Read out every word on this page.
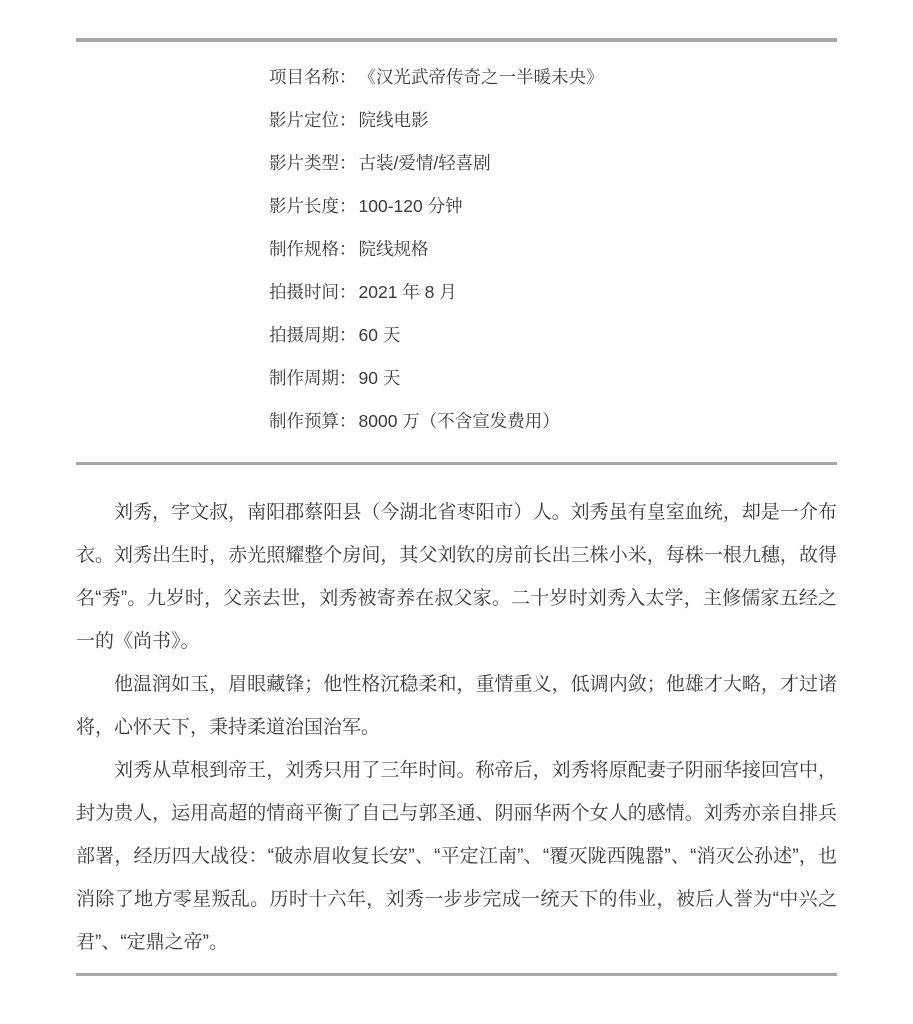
项目名称 ： 《汉光武帝传奇之一半暖未央》
影片定位 ： 院线电影
影片类型 ： 古装/爱情/轻喜剧
影片长度 ： 100-120 分钟
制作规格 ： 院线规格
拍摄时间 ： 2021 年 8 月
拍摄周期 ： 60 天
制作周期 ： 90 天
制作预算 ： 8000 万（不含宣发费用）

刘秀，字文叔，南阳郡蔡阳县（今湖北省枣阳市）人。刘秀虽有皇室血统，却是一介布衣。刘秀出生时，赤光照耀整个房间，其父刘钦的房前长出三株小米，每株一根九穗，故得名“秀”。九岁时，父亲去世，刘秀被寄养在叔父家。二十岁时刘秀入太学，主修儒家五经之一的《尚书》。

他温润如玉，眉眼藏锋；他性格沉稳柔和，重情重义，低调内敛；他雄才大略，才过诸将，心怀天下，秉持柔道治国治军。

刘秀从草根到帝王，刘秀只用了三年时间。称帝后，刘秀将原配妻子阴丽华接回宫中，封为贵人，运用高超的情商平衡了自己与郭圣通、阴丽华两个女人的感情。刘秀亦亲自排兵部署，经历四大战役：“破赤眉收复长安”、“平定江南”、“覆灭陇西隗嚣”、“消灭公孙述”，也消除了地方零星叛乱。历时十六年，刘秀一步步完成一统天下的伟业，被后人誉为“中兴之君”、“定鼎之帝”。
